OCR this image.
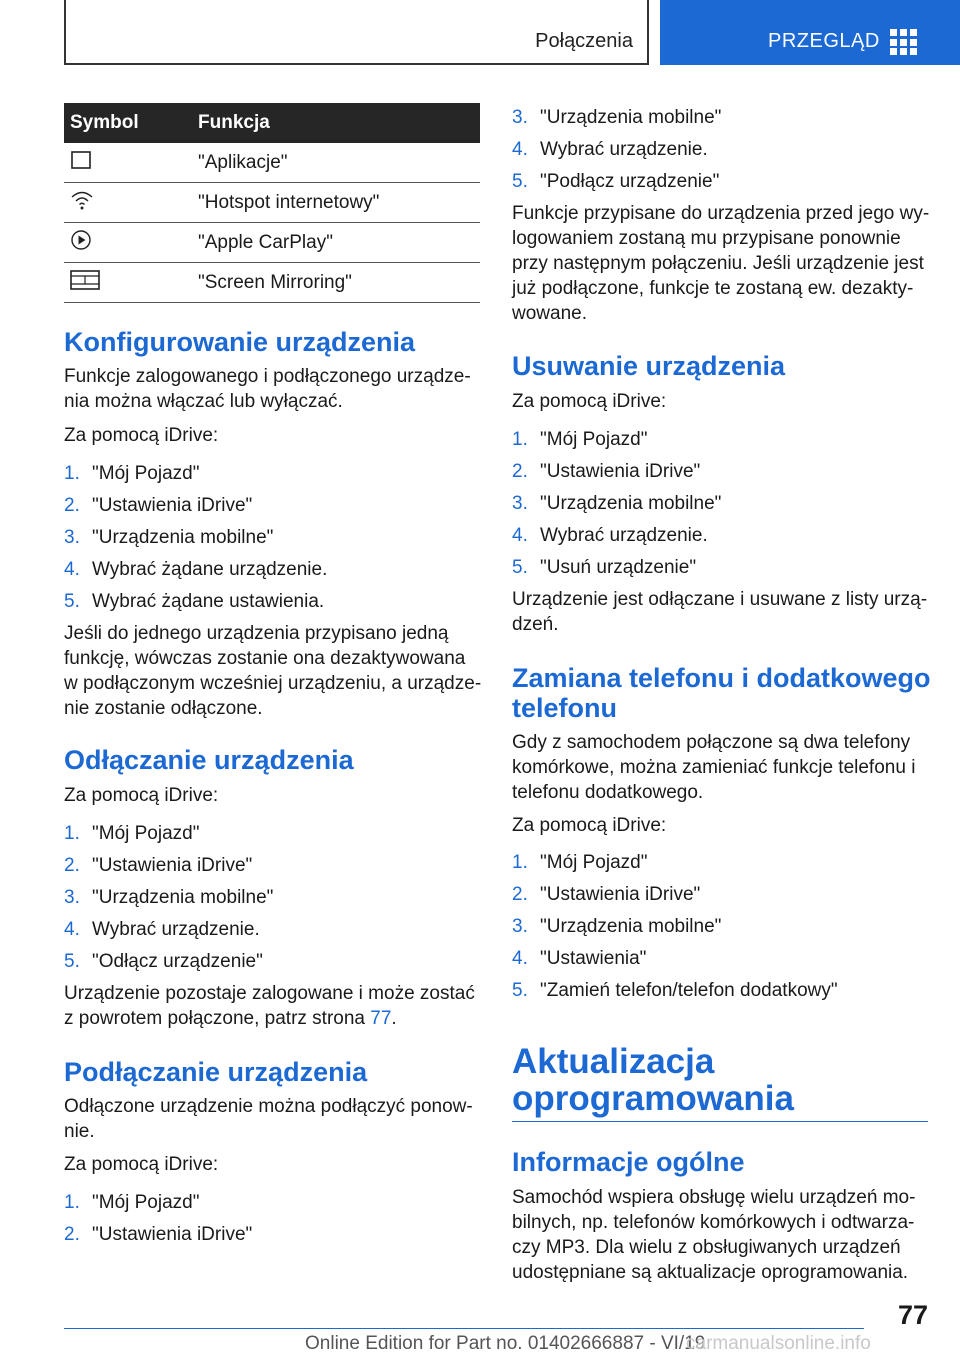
Połączenia	PRZEGLĄD
Symbol	Funkcja
	"Aplikacje"
	"Hotspot internetowy"
	"Apple CarPlay"
	"Screen Mirroring"
Konfigurowanie urządzenia
Funkcje zalogowanego i podłączonego urządze‐
nia można włączać lub wyłączać.
Za pomocą iDrive:
1. "Mój Pojazd"
2. "Ustawienia iDrive"
3. "Urządzenia mobilne"
4. Wybrać żądane urządzenie.
5. Wybrać żądane ustawienia.
Jeśli do jednego urządzenia przypisano jedną
funkcję, wówczas zostanie ona dezaktywowana
w podłączonym wcześniej urządzeniu, a urządze‐
nie zostanie odłączone.
Odłączanie urządzenia
Za pomocą iDrive:
1. "Mój Pojazd"
2. "Ustawienia iDrive"
3. "Urządzenia mobilne"
4. Wybrać urządzenie.
5. "Odłącz urządzenie"
Urządzenie pozostaje zalogowane i może zostać
z powrotem połączone, patrz strona 77.
Podłączanie urządzenia
Odłączone urządzenie można podłączyć ponow‐
nie.
Za pomocą iDrive:
1. "Mój Pojazd"
2. "Ustawienia iDrive"
3. "Urządzenia mobilne"
4. Wybrać urządzenie.
5. "Podłącz urządzenie"
Funkcje przypisane do urządzenia przed jego wy‐
logowaniem zostaną mu przypisane ponownie
przy następnym połączeniu. Jeśli urządzenie jest
już podłączone, funkcje te zostaną ew. dezakty‐
wowane.
Usuwanie urządzenia
Za pomocą iDrive:
1. "Mój Pojazd"
2. "Ustawienia iDrive"
3. "Urządzenia mobilne"
4. Wybrać urządzenie.
5. "Usuń urządzenie"
Urządzenie jest odłączane i usuwane z listy urzą‐
dzeń.
Zamiana telefonu i dodatkowego
telefonu
Gdy z samochodem połączone są dwa telefony
komórkowe, można zamieniać funkcje telefonu i
telefonu dodatkowego.
Za pomocą iDrive:
1. "Mój Pojazd"
2. "Ustawienia iDrive"
3. "Urządzenia mobilne"
4. "Ustawienia"
5. "Zamień telefon/telefon dodatkowy"
Aktualizacja
oprogramowania
Informacje ogólne
Samochód wspiera obsługę wielu urządzeń mo‐
bilnych, np. telefonów komórkowych i odtwarza‐
czy MP3. Dla wielu z obsługiwanych urządzeń
udostępniane są aktualizacje oprogramowania.
77
Online Edition for Part no. 01402666887 - VI/19
carmanualsonline.info
